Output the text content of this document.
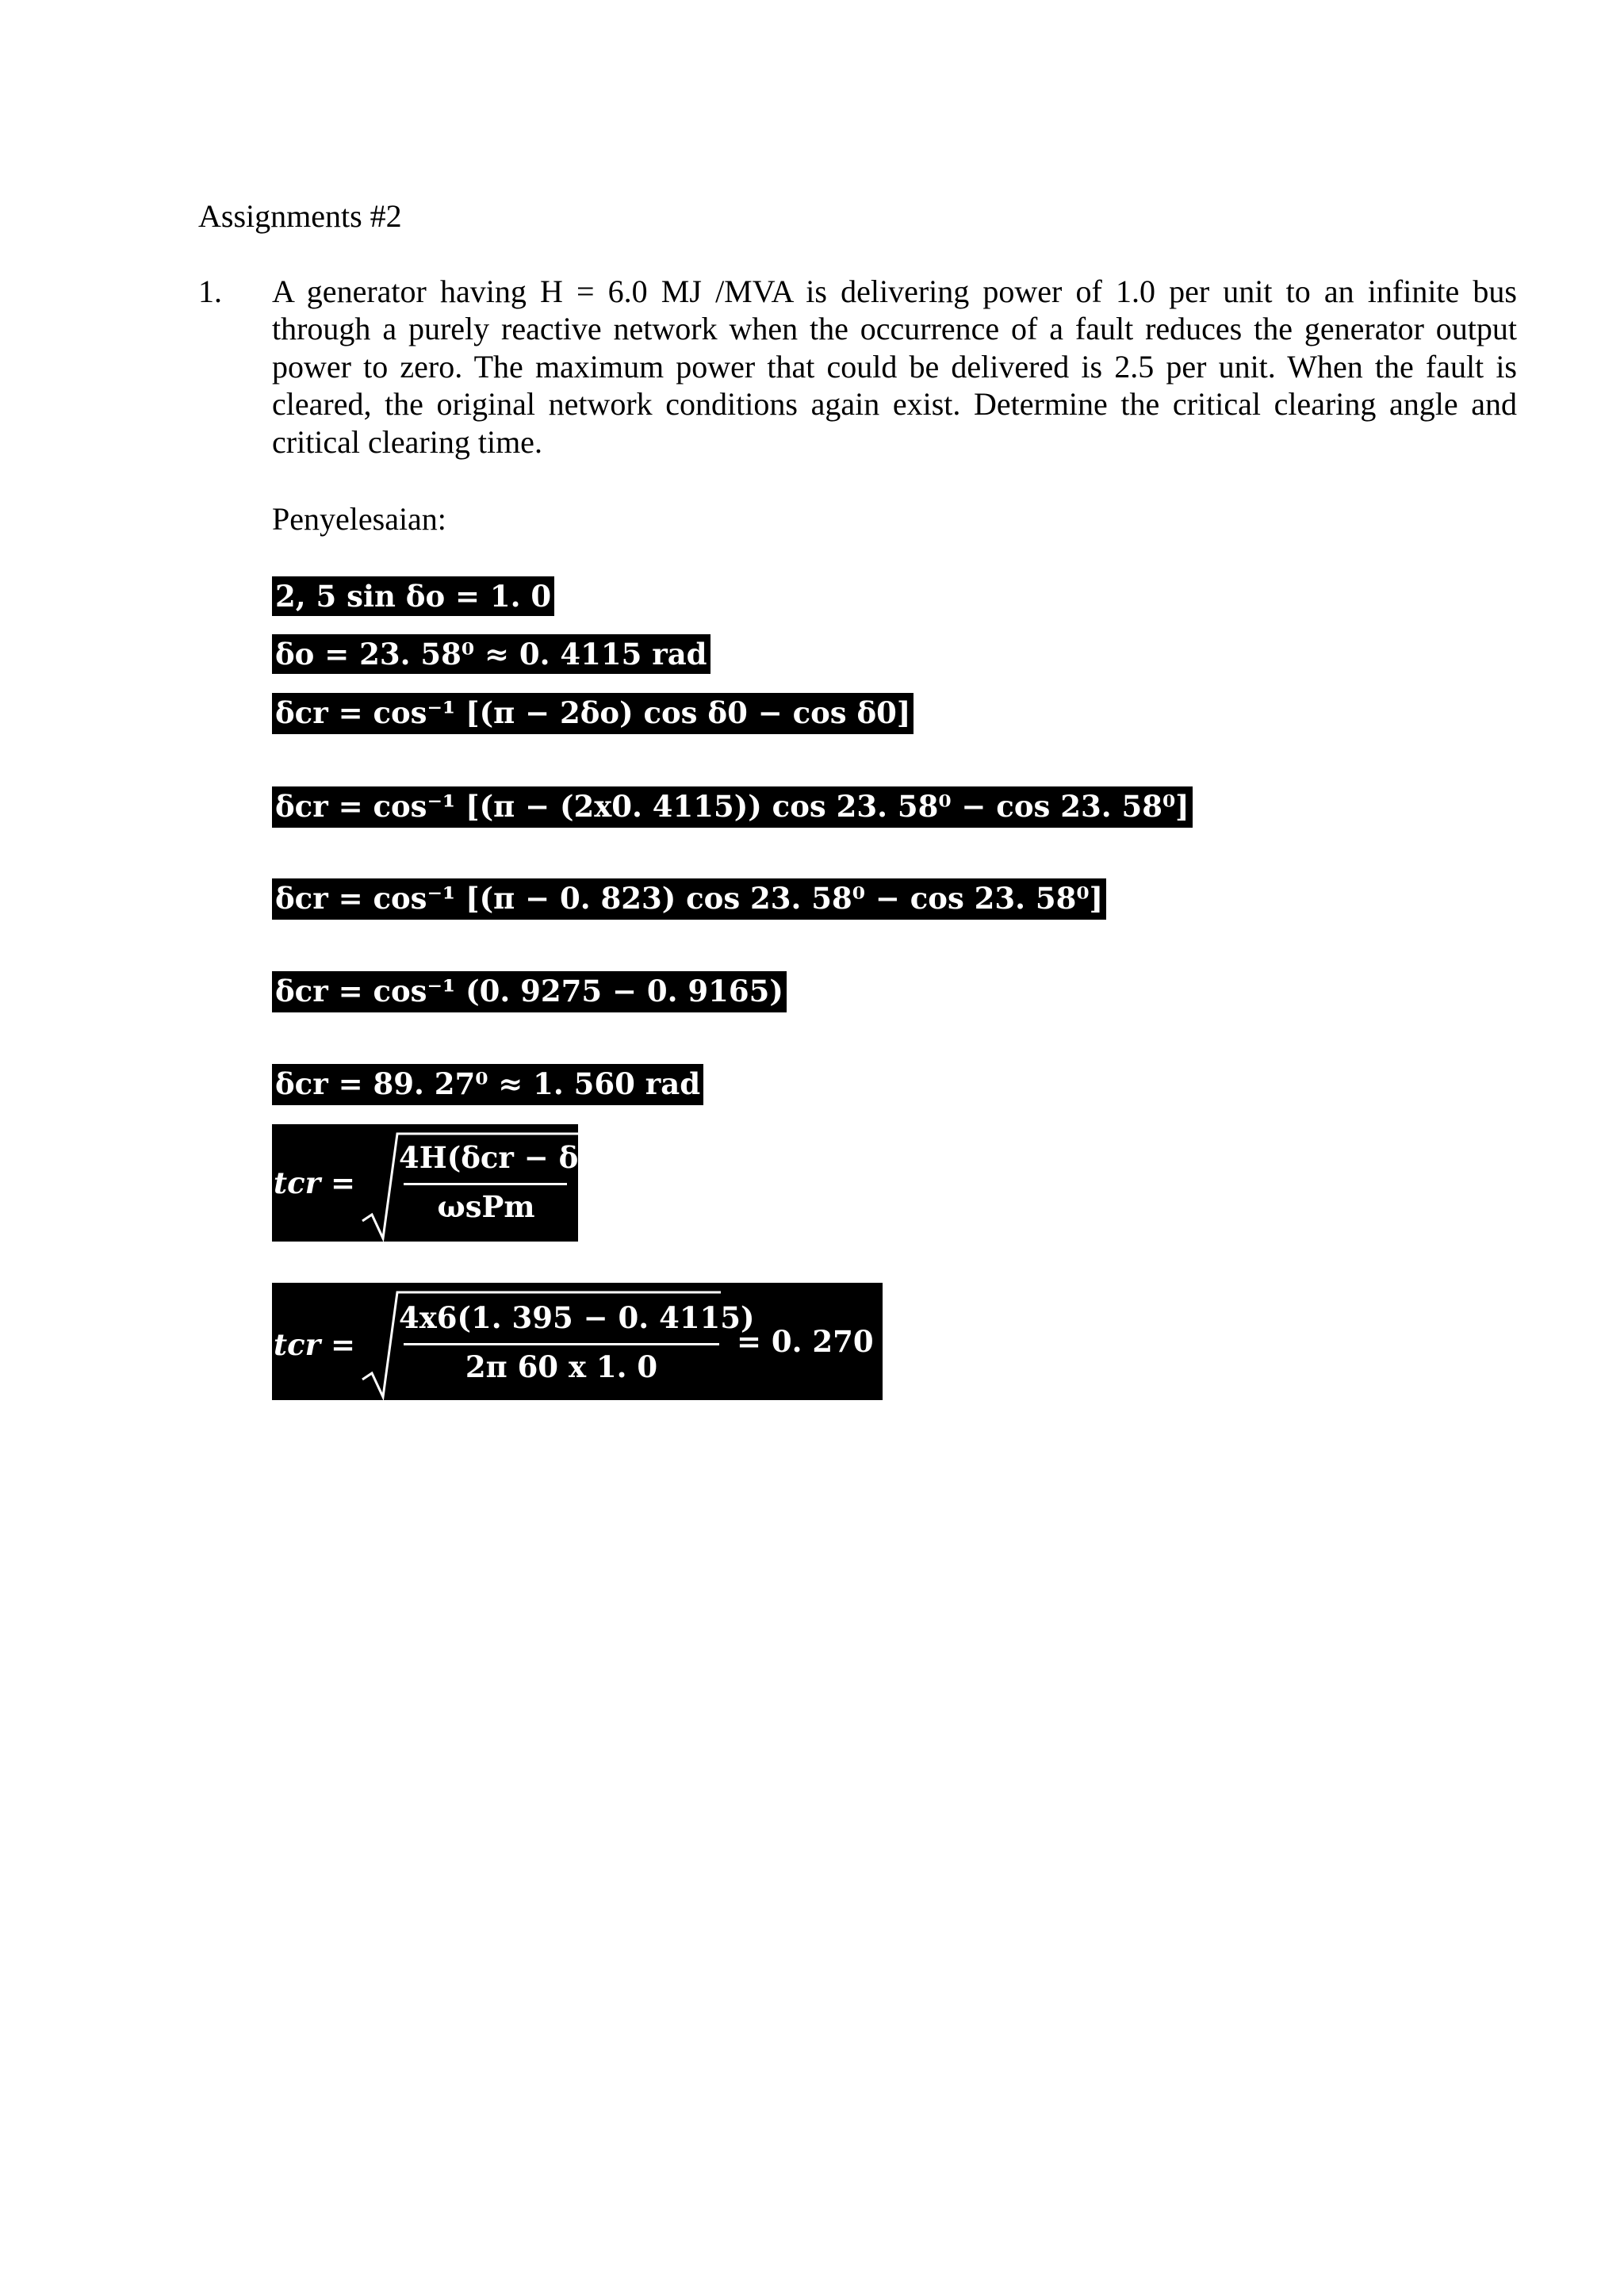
Assignments #2
1. A generator having H = 6.0 MJ /MVA is delivering power of 1.0 per unit to an infinite bus through a purely reactive network when the occurrence of a fault reduces the generator output power to zero. The maximum power that could be delivered is 2.5 per unit. When the fault is cleared, the original network conditions again exist. Determine the critical clearing angle and critical clearing time.
Penyelesaian:
2, 5 sin δo = 1. 0
δo = 23. 58⁰ ≈ 0. 4115 rad
δcr = cos⁻¹ [(π − 2δo) cos δ0 − cos δ0]
δcr = cos⁻¹ [(π − (2x0. 4115)) cos 23. 58⁰ − cos 23. 58⁰]
δcr = cos⁻¹ [(π − 0. 823) cos 23. 58⁰ − cos 23. 58⁰]
δcr = cos⁻¹ (0. 9275 − 0. 9165)
δcr = 89. 27⁰ ≈ 1. 560 rad
tcr =
4H(δcr − δo)
ωsPm
tcr =
4x6(1. 395 − 0. 4115)
2π 60 x 1. 0
= 0. 270 s
